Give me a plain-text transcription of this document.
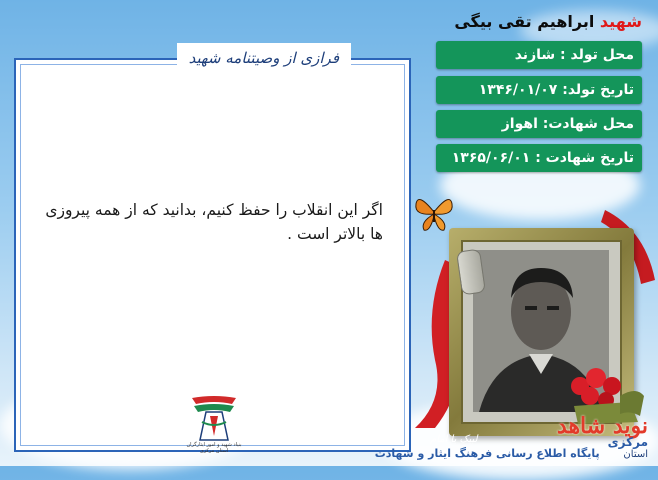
فرازی از وصیتنامه شهید
اگر این انقلاب را حفظ کنیم، بدانید که از همه پیروزی ها بالاتر است .
بنیاد شهید و امور ایثارگران استان مرکزی
شهید ابراهیم تقی بیگی
محل تولد : شازند
تاریخ تولد: ۱۳۴۶/۰۱/۰۷
محل شهادت: اهواز
تاریخ شهادت : ۱۳۶۵/۰۶/۰۱
لبیک یا امام
نوید شاهد
مرکزی
استان
پایگاه اطلاع رسانی فرهنگ ایثار و شهادت
